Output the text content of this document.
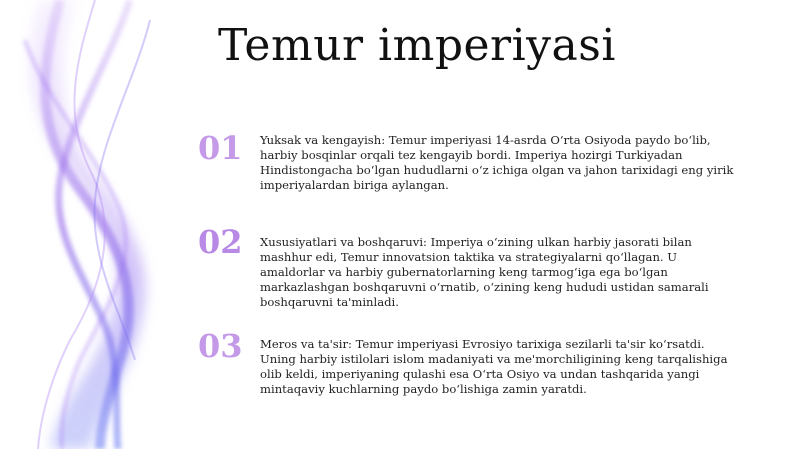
Temur imperiyasi
01 Yuksak va kengayish: Temur imperiyasi 14-asrda O‘rta Osiyoda paydo bo‘lib, harbiy bosqinlar orqali tez kengayib bordi. Imperiya hozirgi Turkiyadan Hindistongacha bo‘lgan hududlarni o‘z ichiga olgan va jahon tarixidagi eng yirik imperiyalardan biriga aylangan.
02 Xususiyatlari va boshqaruvi: Imperiya o‘zining ulkan harbiy jasorati bilan mashhur edi, Temur innovatsion taktika va strategiyalarni qo‘llagan. U amaldorlar va harbiy gubernatorlarning keng tarmog‘iga ega bo‘lgan markazlashgan boshqaruvni o‘rnatib, o‘zining keng hududi ustidan samarali boshqaruvni ta'minladi.
03 Meros va ta'sir: Temur imperiyasi Evrosiyo tarixiga sezilarli ta'sir ko‘rsatdi. Uning harbiy istilolari islom madaniyati va me'morchiligining keng tarqalishiga olib keldi, imperiyaning qulashi esa O‘rta Osiyo va undan tashqarida yangi mintaqaviy kuchlarning paydo bo‘lishiga zamin yaratdi.
